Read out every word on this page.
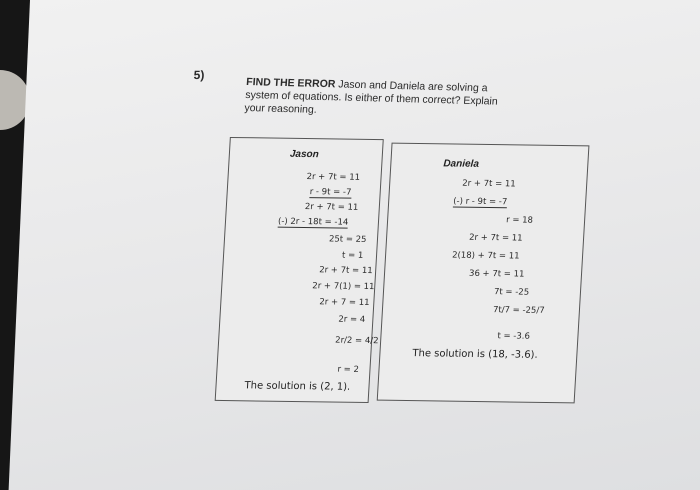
5)
FIND THE ERROR Jason and Daniela are solving a system of equations. Is either of them correct? Explain your reasoning.
Jason
2r + 7t = 11
r - 9t = -7
2r + 7t = 11
(-) 2r - 18t = -14
25t = 25
t = 1
2r + 7t = 11
2r + 7(1) = 11
2r + 7 = 11
2r = 4
2r/2 = 4/2
r = 2
The solution is (2, 1).
Daniela
2r + 7t = 11
(-) r - 9t = -7
r = 18
2r + 7t = 11
2(18) + 7t = 11
36 + 7t = 11
7t = -25
7t/7 = -25/7
t = -3.6
The solution is (18, -3.6).
